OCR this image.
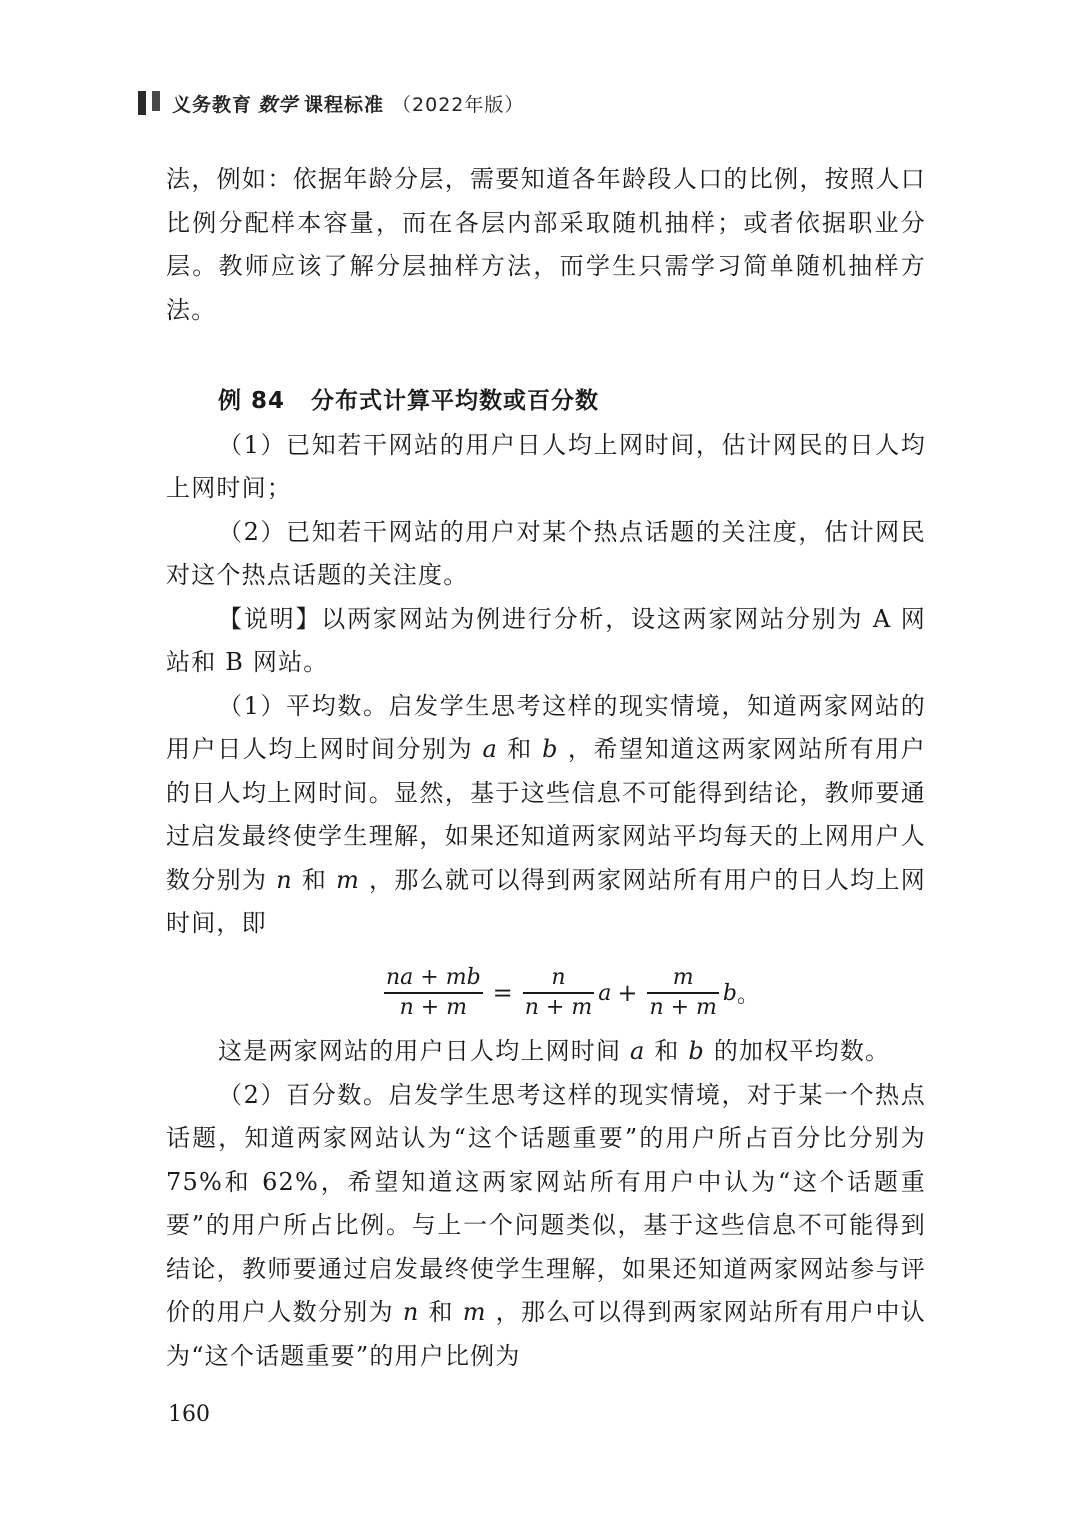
义务教育 数学 课程标准 （2022年版）

法，例如：依据年龄分层，需要知道各年龄段人口的比例，按照人口比例分配样本容量，而在各层内部采取随机抽样；或者依据职业分层。教师应该了解分层抽样方法，而学生只需学习简单随机抽样方法。

例 84 分布式计算平均数或百分数

（1）已知若干网站的用户日人均上网时间，估计网民的日人均上网时间；

（2）已知若干网站的用户对某个热点话题的关注度，估计网民对这个热点话题的关注度。

【说明】以两家网站为例进行分析，设这两家网站分别为 A 网站和 B 网站。

（1）平均数。启发学生思考这样的现实情境，知道两家网站的用户日人均上网时间分别为 a 和 b ，希望知道这两家网站所有用户的日人均上网时间。显然，基于这些信息不可能得到结论，教师要通过启发最终使学生理解，如果还知道两家网站平均每天的上网用户人数分别为 n 和 m ，那么就可以得到两家网站所有用户的日人均上网时间，即

$\frac{na + mb}{n + m} = \frac{n}{n + m}$ $a + \frac{m}{n + m}$ b 。

这是两家网站的用户日人均上网时间 a 和 b 的加权平均数。

（2）百分数。启发学生思考这样的现实情境，对于某一个热点话题，知道两家网站认为“这个话题重要”的用户所占百分比分别为75%和 62%，希望知道这两家网站所有用户中认为“这个话题重要”的用户所占比例。与上一个问题类似，基于这些信息不可能得到结论，教师要通过启发最终使学生理解，如果还知道两家网站参与评价的用户人数分别为 n 和 m ，那么可以得到两家网站所有用户中认为“这个话题重要”的用户比例为

160
